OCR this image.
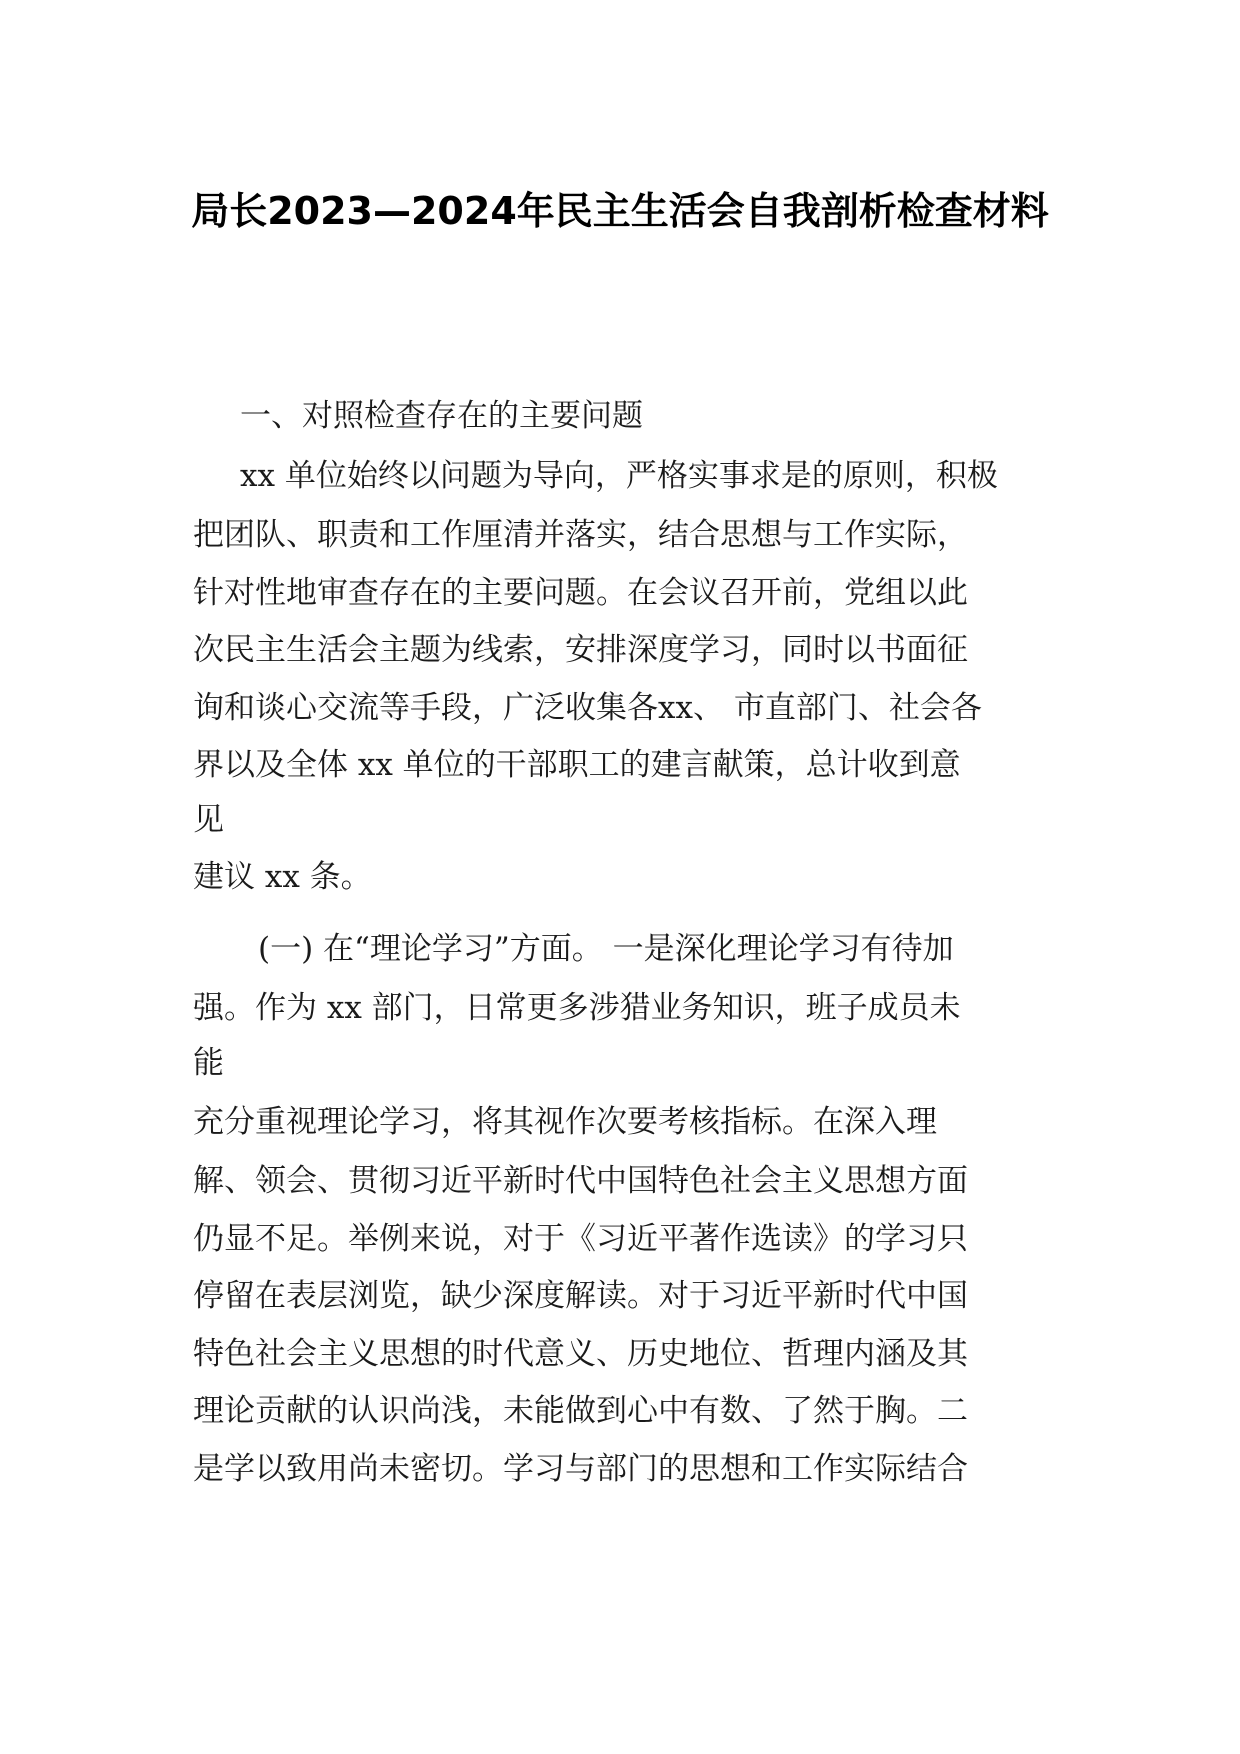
局长2023—2024年民主生活会自我剖析检查材料
一、对照检查存在的主要问题
xx 单位始终以问题为导向，严格实事求是的原则，积极
把团队、职责和工作厘清并落实，结合思想与工作实际，
针对性地审查存在的主要问题。在会议召开前，党组以此
次民主生活会主题为线索，安排深度学习，同时以书面征
询和谈心交流等手段，广泛收集各xx、 市直部门、社会各
界以及全体 xx 单位的干部职工的建言献策，总计收到意
见
建议 xx 条。
(一) 在“理论学习”方面。 一是深化理论学习有待加
强。作为 xx 部门，日常更多涉猎业务知识，班子成员未
能
充分重视理论学习，将其视作次要考核指标。在深入理
解、领会、贯彻习近平新时代中国特色社会主义思想方面
仍显不足。举例来说，对于《习近平著作选读》的学习只
停留在表层浏览，缺少深度解读。对于习近平新时代中国
特色社会主义思想的时代意义、历史地位、哲理内涵及其
理论贡献的认识尚浅，未能做到心中有数、了然于胸。二
是学以致用尚未密切。学习与部门的思想和工作实际结合
